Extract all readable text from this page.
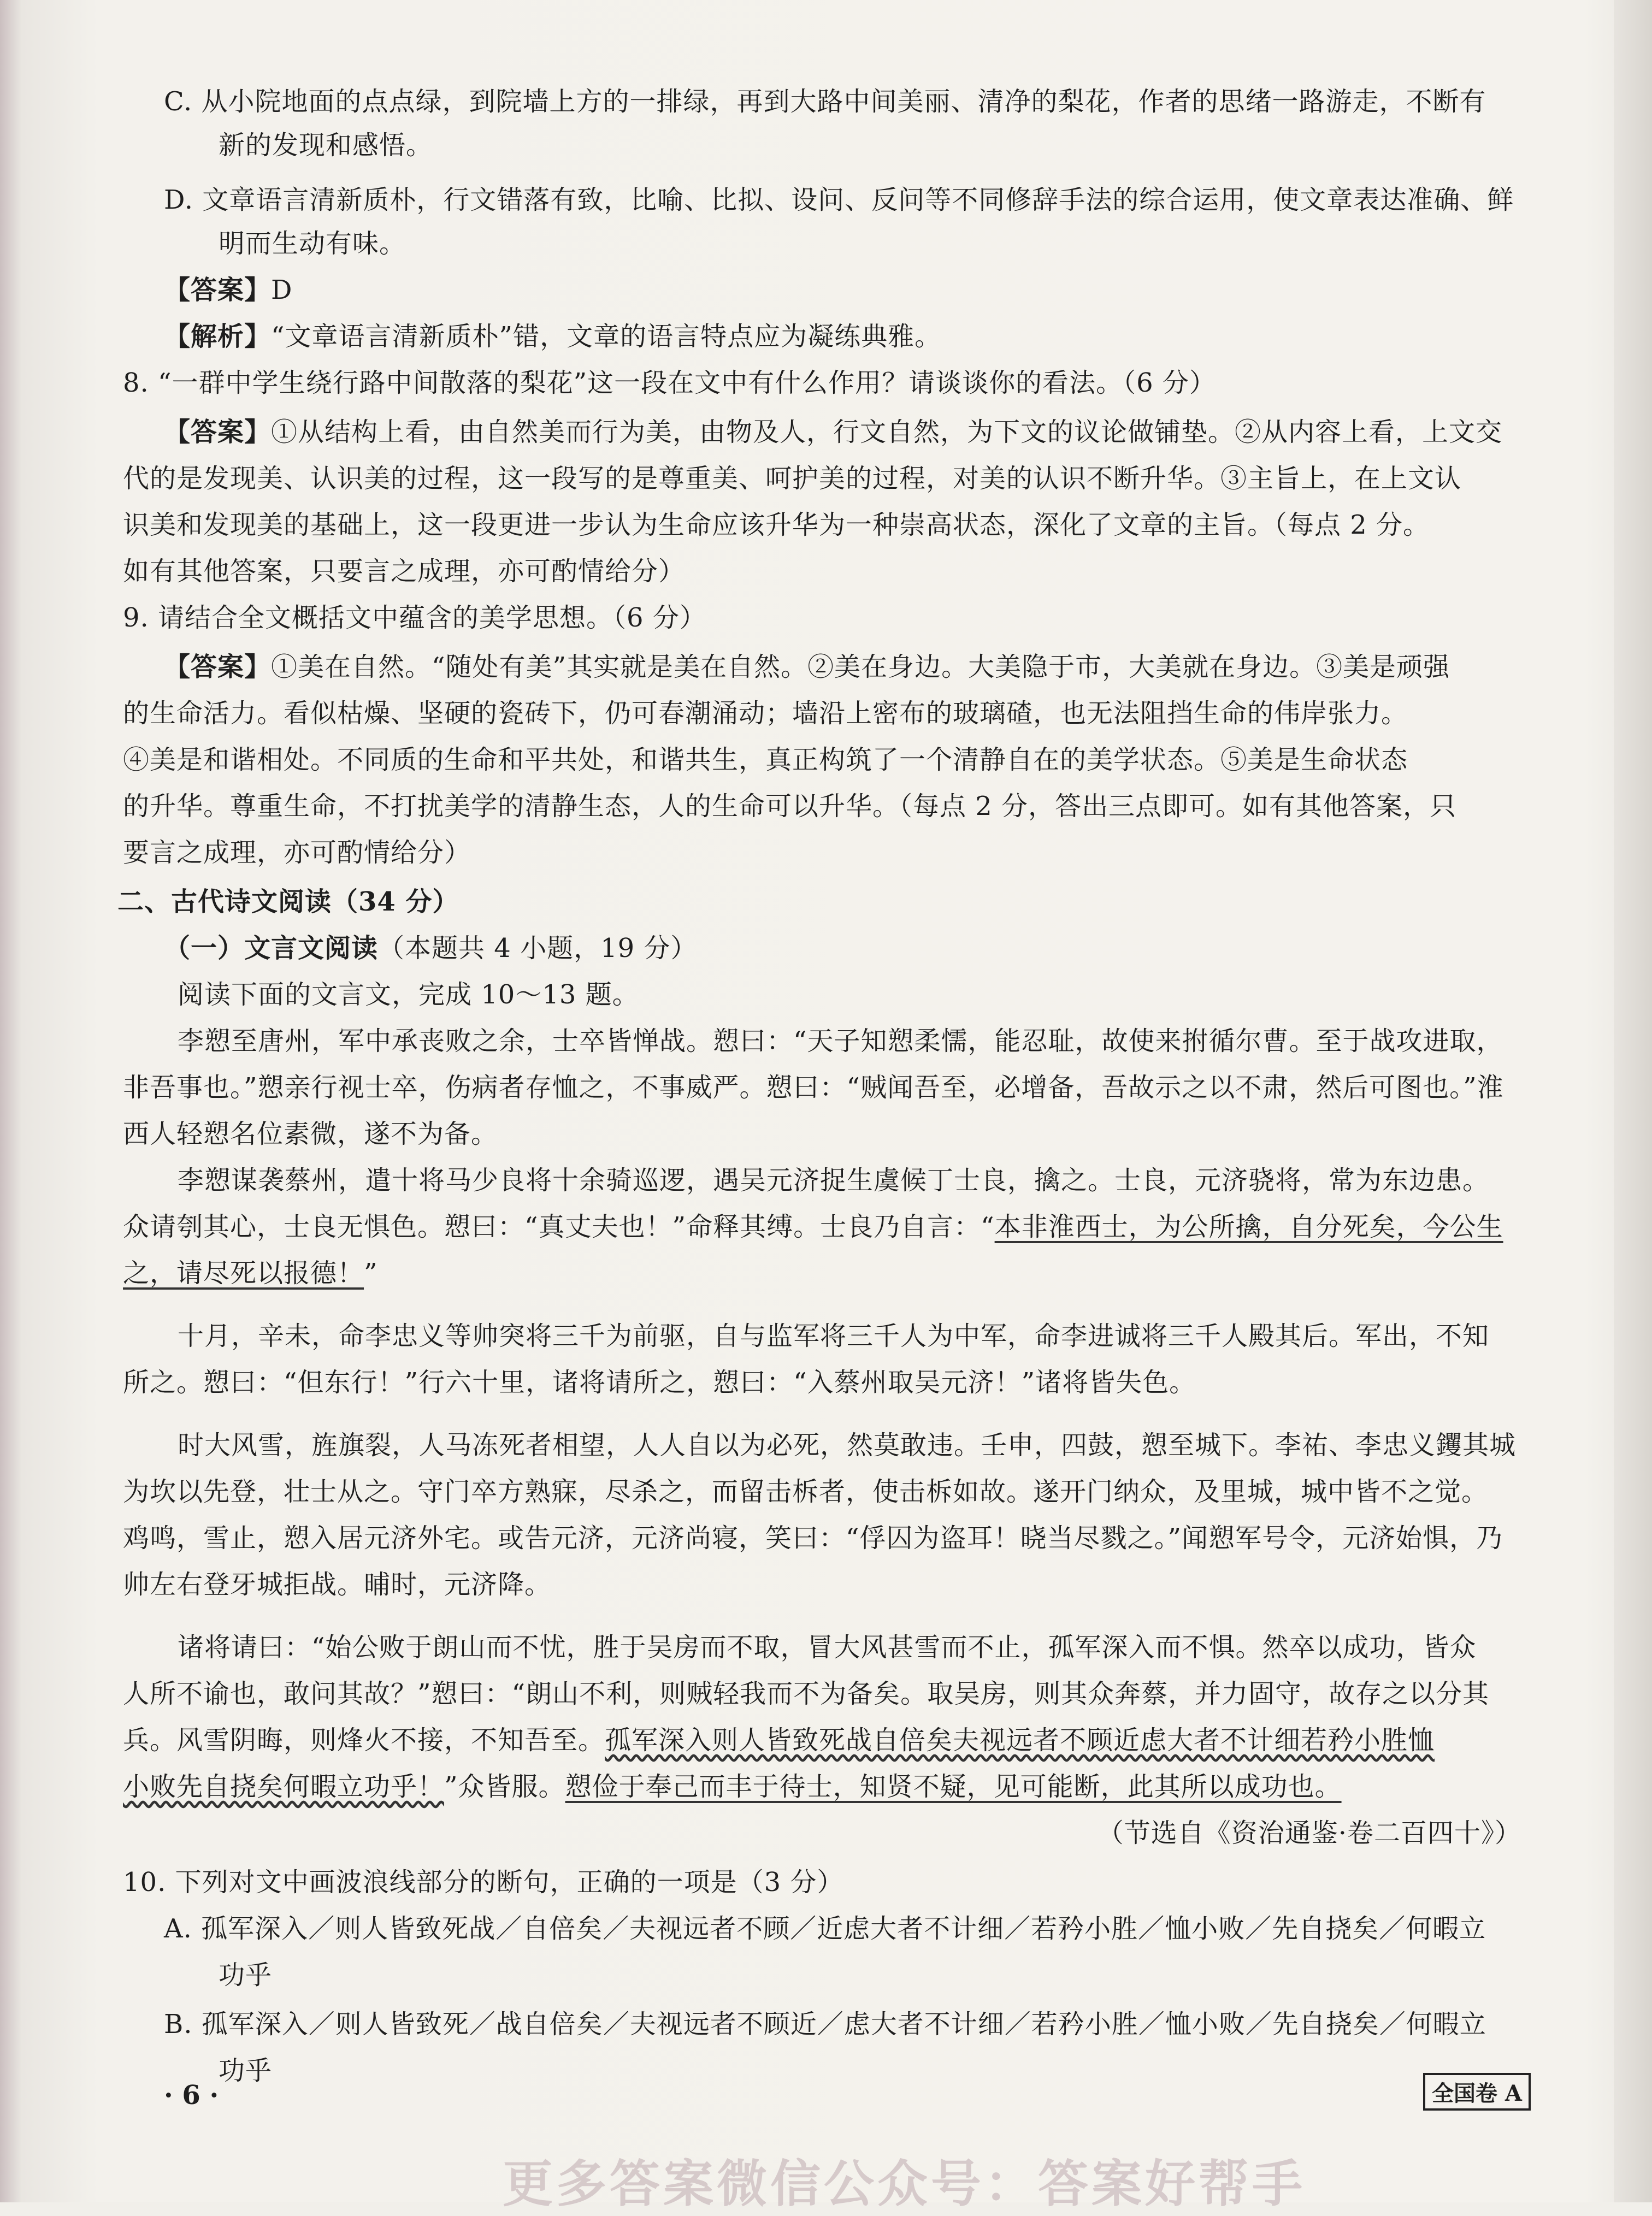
C. 从小院地面的点点绿，到院墙上方的一排绿，再到大路中间美丽、清净的梨花，作者的思绪一路游走，不断有
新的发现和感悟。
D. 文章语言清新质朴，行文错落有致，比喻、比拟、设问、反问等不同修辞手法的综合运用，使文章表达准确、鲜
明而生动有味。
【答案】D
【解析】“文章语言清新质朴”错，文章的语言特点应为凝练典雅。
8. “一群中学生绕行路中间散落的梨花”这一段在文中有什么作用？请谈谈你的看法。（6 分）
【答案】①从结构上看，由自然美而行为美，由物及人，行文自然，为下文的议论做铺垫。②从内容上看，上文交
代的是发现美、认识美的过程，这一段写的是尊重美、呵护美的过程，对美的认识不断升华。③主旨上，在上文认
识美和发现美的基础上，这一段更进一步认为生命应该升华为一种崇高状态，深化了文章的主旨。（每点 2 分。
如有其他答案，只要言之成理，亦可酌情给分）
9. 请结合全文概括文中蕴含的美学思想。（6 分）
【答案】①美在自然。“随处有美”其实就是美在自然。②美在身边。大美隐于市，大美就在身边。③美是顽强
的生命活力。看似枯燥、坚硬的瓷砖下，仍可春潮涌动；墙沿上密布的玻璃碴，也无法阻挡生命的伟岸张力。
④美是和谐相处。不同质的生命和平共处，和谐共生，真正构筑了一个清静自在的美学状态。⑤美是生命状态
的升华。尊重生命，不打扰美学的清静生态，人的生命可以升华。（每点 2 分，答出三点即可。如有其他答案，只
要言之成理，亦可酌情给分）
二、古代诗文阅读（34 分）
（一）文言文阅读（本题共 4 小题，19 分）
阅读下面的文言文，完成 10～13 题。
李愬至唐州，军中承丧败之余，士卒皆惮战。愬曰：“天子知愬柔懦，能忍耻，故使来拊循尔曹。至于战攻进取，
非吾事也。”愬亲行视士卒，伤病者存恤之，不事威严。愬曰：“贼闻吾至，必增备，吾故示之以不肃，然后可图也。”淮
西人轻愬名位素微，遂不为备。
李愬谋袭蔡州，遣十将马少良将十余骑巡逻，遇吴元济捉生虞候丁士良，擒之。士良，元济骁将，常为东边患。
众请刳其心，士良无惧色。愬曰：“真丈夫也！”命释其缚。士良乃自言：“本非淮西士，为公所擒，自分死矣，今公生
之，请尽死以报德！”
十月，辛未，命李忠义等帅突将三千为前驱，自与监军将三千人为中军，命李进诚将三千人殿其后。军出，不知
所之。愬曰：“但东行！”行六十里，诸将请所之，愬曰：“入蔡州取吴元济！”诸将皆失色。
时大风雪，旌旗裂，人马冻死者相望，人人自以为必死，然莫敢违。壬申，四鼓，愬至城下。李祐、李忠义钁其城
为坎以先登，壮士从之。守门卒方熟寐，尽杀之，而留击柝者，使击柝如故。遂开门纳众，及里城，城中皆不之觉。
鸡鸣，雪止，愬入居元济外宅。或告元济，元济尚寝，笑曰：“俘囚为盗耳！晓当尽戮之。”闻愬军号令，元济始惧，乃
帅左右登牙城拒战。晡时，元济降。
诸将请曰：“始公败于朗山而不忧，胜于吴房而不取，冒大风甚雪而不止，孤军深入而不惧。然卒以成功，皆众
人所不谕也，敢问其故？”愬曰：“朗山不利，则贼轻我而不为备矣。取吴房，则其众奔蔡，并力固守，故存之以分其
兵。风雪阴晦，则烽火不接，不知吾至。孤军深入则人皆致死战自倍矣夫视远者不顾近虑大者不计细若矜小胜恤
小败先自挠矣何暇立功乎！”众皆服。愬俭于奉己而丰于待士，知贤不疑，见可能断，此其所以成功也。
（节选自《资治通鉴·卷二百四十》）
10. 下列对文中画波浪线部分的断句，正确的一项是（3 分）
A. 孤军深入／则人皆致死战／自倍矣／夫视远者不顾／近虑大者不计细／若矜小胜／恤小败／先自挠矣／何暇立
功乎
B. 孤军深入／则人皆致死／战自倍矣／夫视远者不顾近／虑大者不计细／若矜小胜／恤小败／先自挠矣／何暇立
功乎
· 6 ·	全国卷 A
更多答案微信公众号：答案好帮手
